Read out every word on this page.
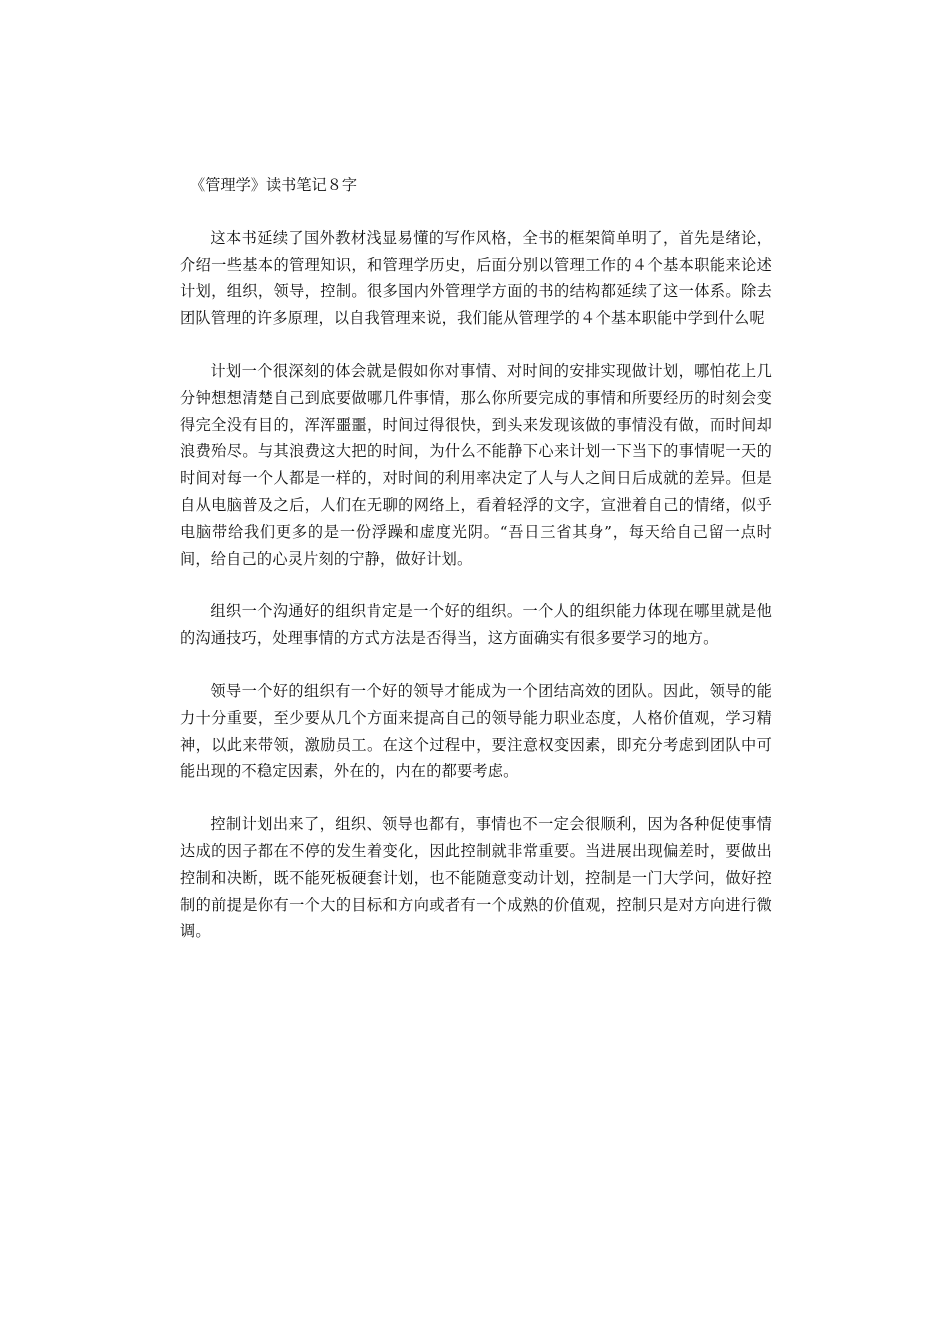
《管理学》读书笔记８字

这本书延续了国外教材浅显易懂的写作风格，全书的框架简单明了，首先是绪论，介绍一些基本的管理知识，和管理学历史，后面分别以管理工作的４个基本职能来论述计划，组织，领导，控制。很多国内外管理学方面的书的结构都延续了这一体系。除去团队管理的许多原理，以自我管理来说，我们能从管理学的４个基本职能中学到什么呢

计划一个很深刻的体会就是假如你对事情、对时间的安排实现做计划，哪怕花上几分钟想想清楚自己到底要做哪几件事情，那么你所要完成的事情和所要经历的时刻会变得完全没有目的，浑浑噩噩，时间过得很快，到头来发现该做的事情没有做，而时间却浪费殆尽。与其浪费这大把的时间，为什么不能静下心来计划一下当下的事情呢一天的时间对每一个人都是一样的，对时间的利用率决定了人与人之间日后成就的差异。但是自从电脑普及之后，人们在无聊的网络上，看着轻浮的文字，宣泄着自己的情绪，似乎电脑带给我们更多的是一份浮躁和虚度光阴。“吾日三省其身”，每天给自己留一点时间，给自己的心灵片刻的宁静，做好计划。

组织一个沟通好的组织肯定是一个好的组织。一个人的组织能力体现在哪里就是他的沟通技巧，处理事情的方式方法是否得当，这方面确实有很多要学习的地方。

领导一个好的组织有一个好的领导才能成为一个团结高效的团队。因此，领导的能力十分重要，至少要从几个方面来提高自己的领导能力职业态度，人格价值观，学习精神，以此来带领，激励员工。在这个过程中，要注意权变因素，即充分考虑到团队中可能出现的不稳定因素，外在的，内在的都要考虑。

控制计划出来了，组织、领导也都有，事情也不一定会很顺利，因为各种促使事情达成的因子都在不停的发生着变化，因此控制就非常重要。当进展出现偏差时，要做出控制和决断，既不能死板硬套计划，也不能随意变动计划，控制是一门大学问，做好控制的前提是你有一个大的目标和方向或者有一个成熟的价值观，控制只是对方向进行微调。
